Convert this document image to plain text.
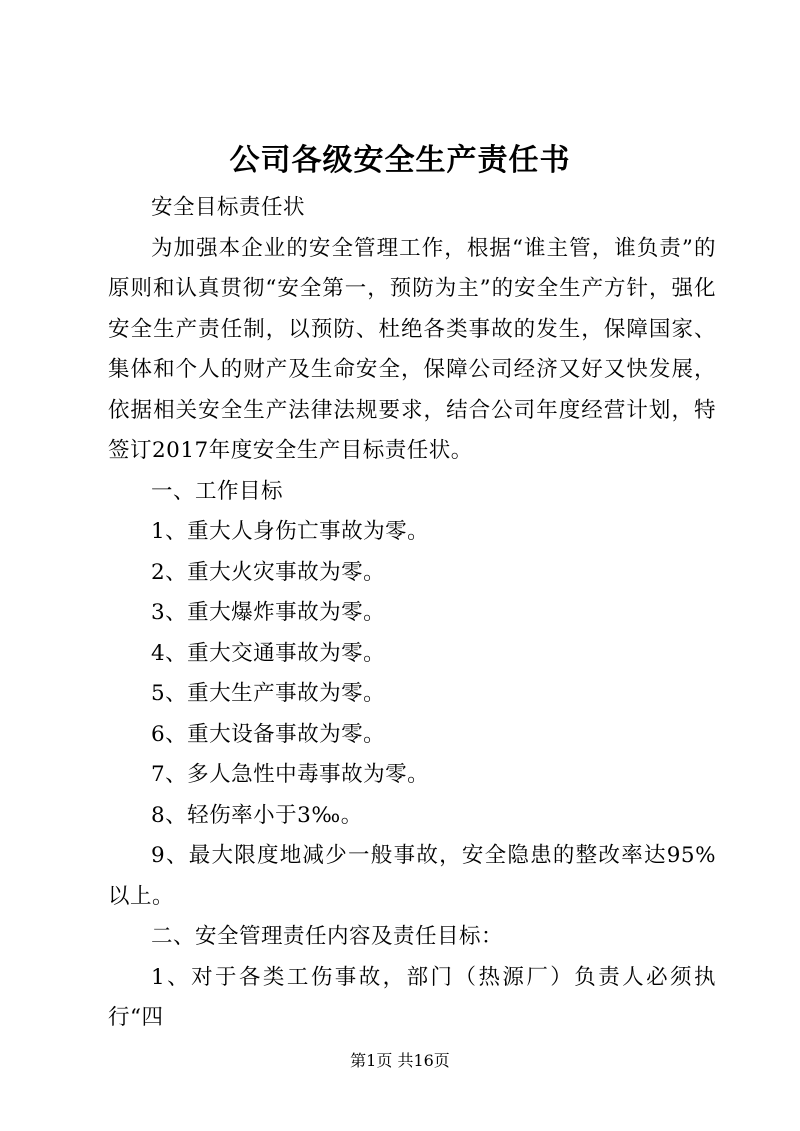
公司各级安全生产责任书

安全目标责任状

为加强本企业的安全管理工作，根据“谁主管，谁负责”的原则和认真贯彻“安全第一，预防为主”的安全生产方针，强化安全生产责任制，以预防、杜绝各类事故的发生，保障国家、集体和个人的财产及生命安全，保障公司经济又好又快发展，依据相关安全生产法律法规要求，结合公司年度经营计划，特签订2017年度安全生产目标责任状。

一、工作目标

1、重大人身伤亡事故为零。

2、重大火灾事故为零。

3、重大爆炸事故为零。

4、重大交通事故为零。

5、重大生产事故为零。

6、重大设备事故为零。

7、多人急性中毒事故为零。

8、轻伤率小于3‰。

9、最大限度地减少一般事故，安全隐患的整改率达95%以上。

二、安全管理责任内容及责任目标：

1、对于各类工伤事故，部门（热源厂）负责人必须执行“四

第1页 共16页
